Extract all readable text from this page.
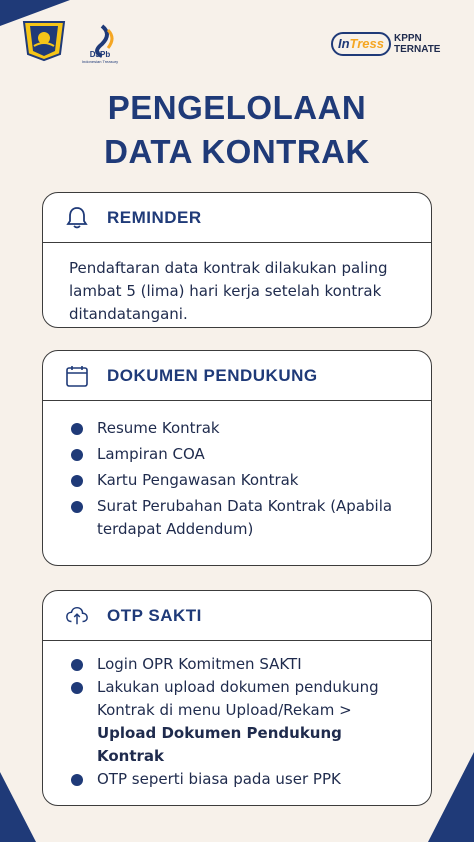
DJPb
Indonesian Treasury
InTress KPPN
TERNATE
PENGELOLAAN
DATA KONTRAK
REMINDER

Pendaftaran data kontrak dilakukan paling lambat 5 (lima) hari kerja setelah kontrak ditandatangani.

DOKUMEN PENDUKUNG
Resume Kontrak
Lampiran COA
Kartu Pengawasan Kontrak
Surat Perubahan Data Kontrak (Apabila terdapat Addendum)
OTP SAKTI
Login OPR Komitmen SAKTI
Lakukan upload dokumen pendukung Kontrak di menu Upload/Rekam > Upload Dokumen Pendukung Kontrak
OTP seperti biasa pada user PPK
